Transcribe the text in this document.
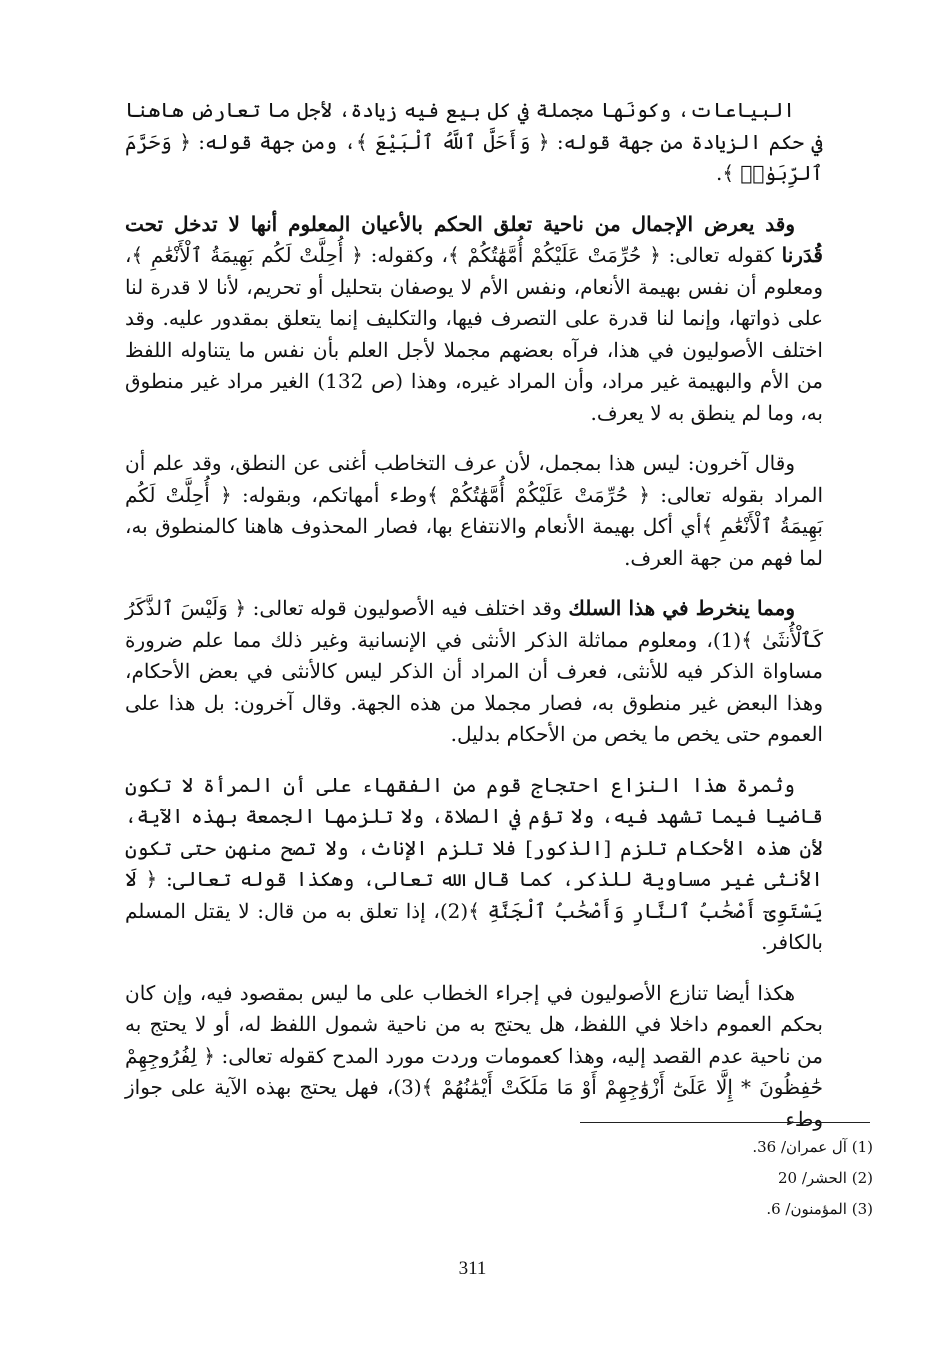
البياعات، وكونَها مجملة في كل بيع فيه زيادة، لأجل ما تعارض هاهنا في حكم الزيادة من جهة قوله: ﴿ وَأَحَلَّ ٱللَّهُ ٱلْبَيْعَ ﴾، ومن جهة قوله: ﴿ وَحَرَّمَ ٱلرِّبَوٰا۟ ﴾.

وقد يعرض الإجمال من ناحية تعلق الحكم بالأعيان المعلوم أنها لا تدخل تحت قُدَرنا كقوله تعالى: ﴿ حُرِّمَتْ عَلَيْكُمْ أُمَّهَٰتُكُمْ ﴾، وكقوله: ﴿ أُحِلَّتْ لَكُم بَهِيمَةُ ٱلْأَنْعَٰمِ ﴾، ومعلوم أن نفس بهيمة الأنعام، ونفس الأم لا يوصفان بتحليل أو تحريم، لأنا لا قدرة لنا على ذواتها، وإنما لنا قدرة على التصرف فيها، والتكليف إنما يتعلق بمقدور عليه. وقد اختلف الأصوليون في هذا، فرآه بعضهم مجملا لأجل العلم بأن نفس ما يتناوله اللفظ من الأم والبهيمة غير مراد، وأن المراد غيره، وهذا (ص 132) الغير مراد غير منطوق به، وما لم ينطق به لا يعرف.

وقال آخرون: ليس هذا بمجمل، لأن عرف التخاطب أغنى عن النطق، وقد علم أن المراد بقوله تعالى: ﴿ حُرِّمَتْ عَلَيْكُمْ أُمَّهَٰتُكُمْ ﴾وطء أمهاتكم، وبقوله: ﴿ أُحِلَّتْ لَكُم بَهِيمَةُ ٱلْأَنْعَٰمِ ﴾أي أكل بهيمة الأنعام والانتفاع بها، فصار المحذوف هاهنا كالمنطوق به، لما فهم من جهة العرف.

ومما ينخرط في هذا السلك وقد اختلف فيه الأصوليون قوله تعالى: ﴿ وَلَيْسَ ٱلذَّكَرُ كَٱلْأُنثَىٰ ﴾(1)، ومعلوم مماثلة الذكر الأنثى في الإنسانية وغير ذلك مما علم ضرورة مساواة الذكر فيه للأنثى، فعرف أن المراد أن الذكر ليس كالأنثى في بعض الأحكام، وهذا البعض غير منطوق به، فصار مجملا من هذه الجهة. وقال آخرون: بل هذا على العموم حتى يخص ما يخص من الأحكام بدليل.

وثمرة هذا النزاع احتجاج قوم من الفقهاء على أن المرأة لا تكون قاضيا فيما تشهد فيه، ولا تؤم في الصلاة، ولا تلزمها الجمعة بهذه الآية، لأن هذه الأحكام تلزم [الذكور] فلا تلزم الإناث، ولا تصح منهن حتى تكون الأنثى غير مساوية للذكر، كما قال الله تعالى، وهكذا قوله تعالى: ﴿ لَا يَسْتَوِىٓ أَصْحَٰبُ ٱلنَّارِ وَأَصْحَٰبُ ٱلْجَنَّةِ ﴾(2)، إذا تعلق به من قال: لا يقتل المسلم بالكافر.

هكذا أيضا تنازع الأصوليون في إجراء الخطاب على ما ليس بمقصود فيه، وإن كان بحكم العموم داخلا في اللفظ، هل يحتج به من ناحية شمول اللفظ له، أو لا يحتج به من ناحية عدم القصد إليه، وهذا كعمومات وردت مورد المدح كقوله تعالى: ﴿ لِفُرُوجِهِمْ حَٰفِظُونَ * إِلَّا عَلَىٰٓ أَزْوَٰجِهِمْ أَوْ مَا مَلَكَتْ أَيْمَٰنُهُمْ ﴾(3)، فهل يحتج بهذه الآية على جواز وطء

(1) آل عمران/ 36.
(2) الحشر/ 20
(3) المؤمنون/ 6.
311
